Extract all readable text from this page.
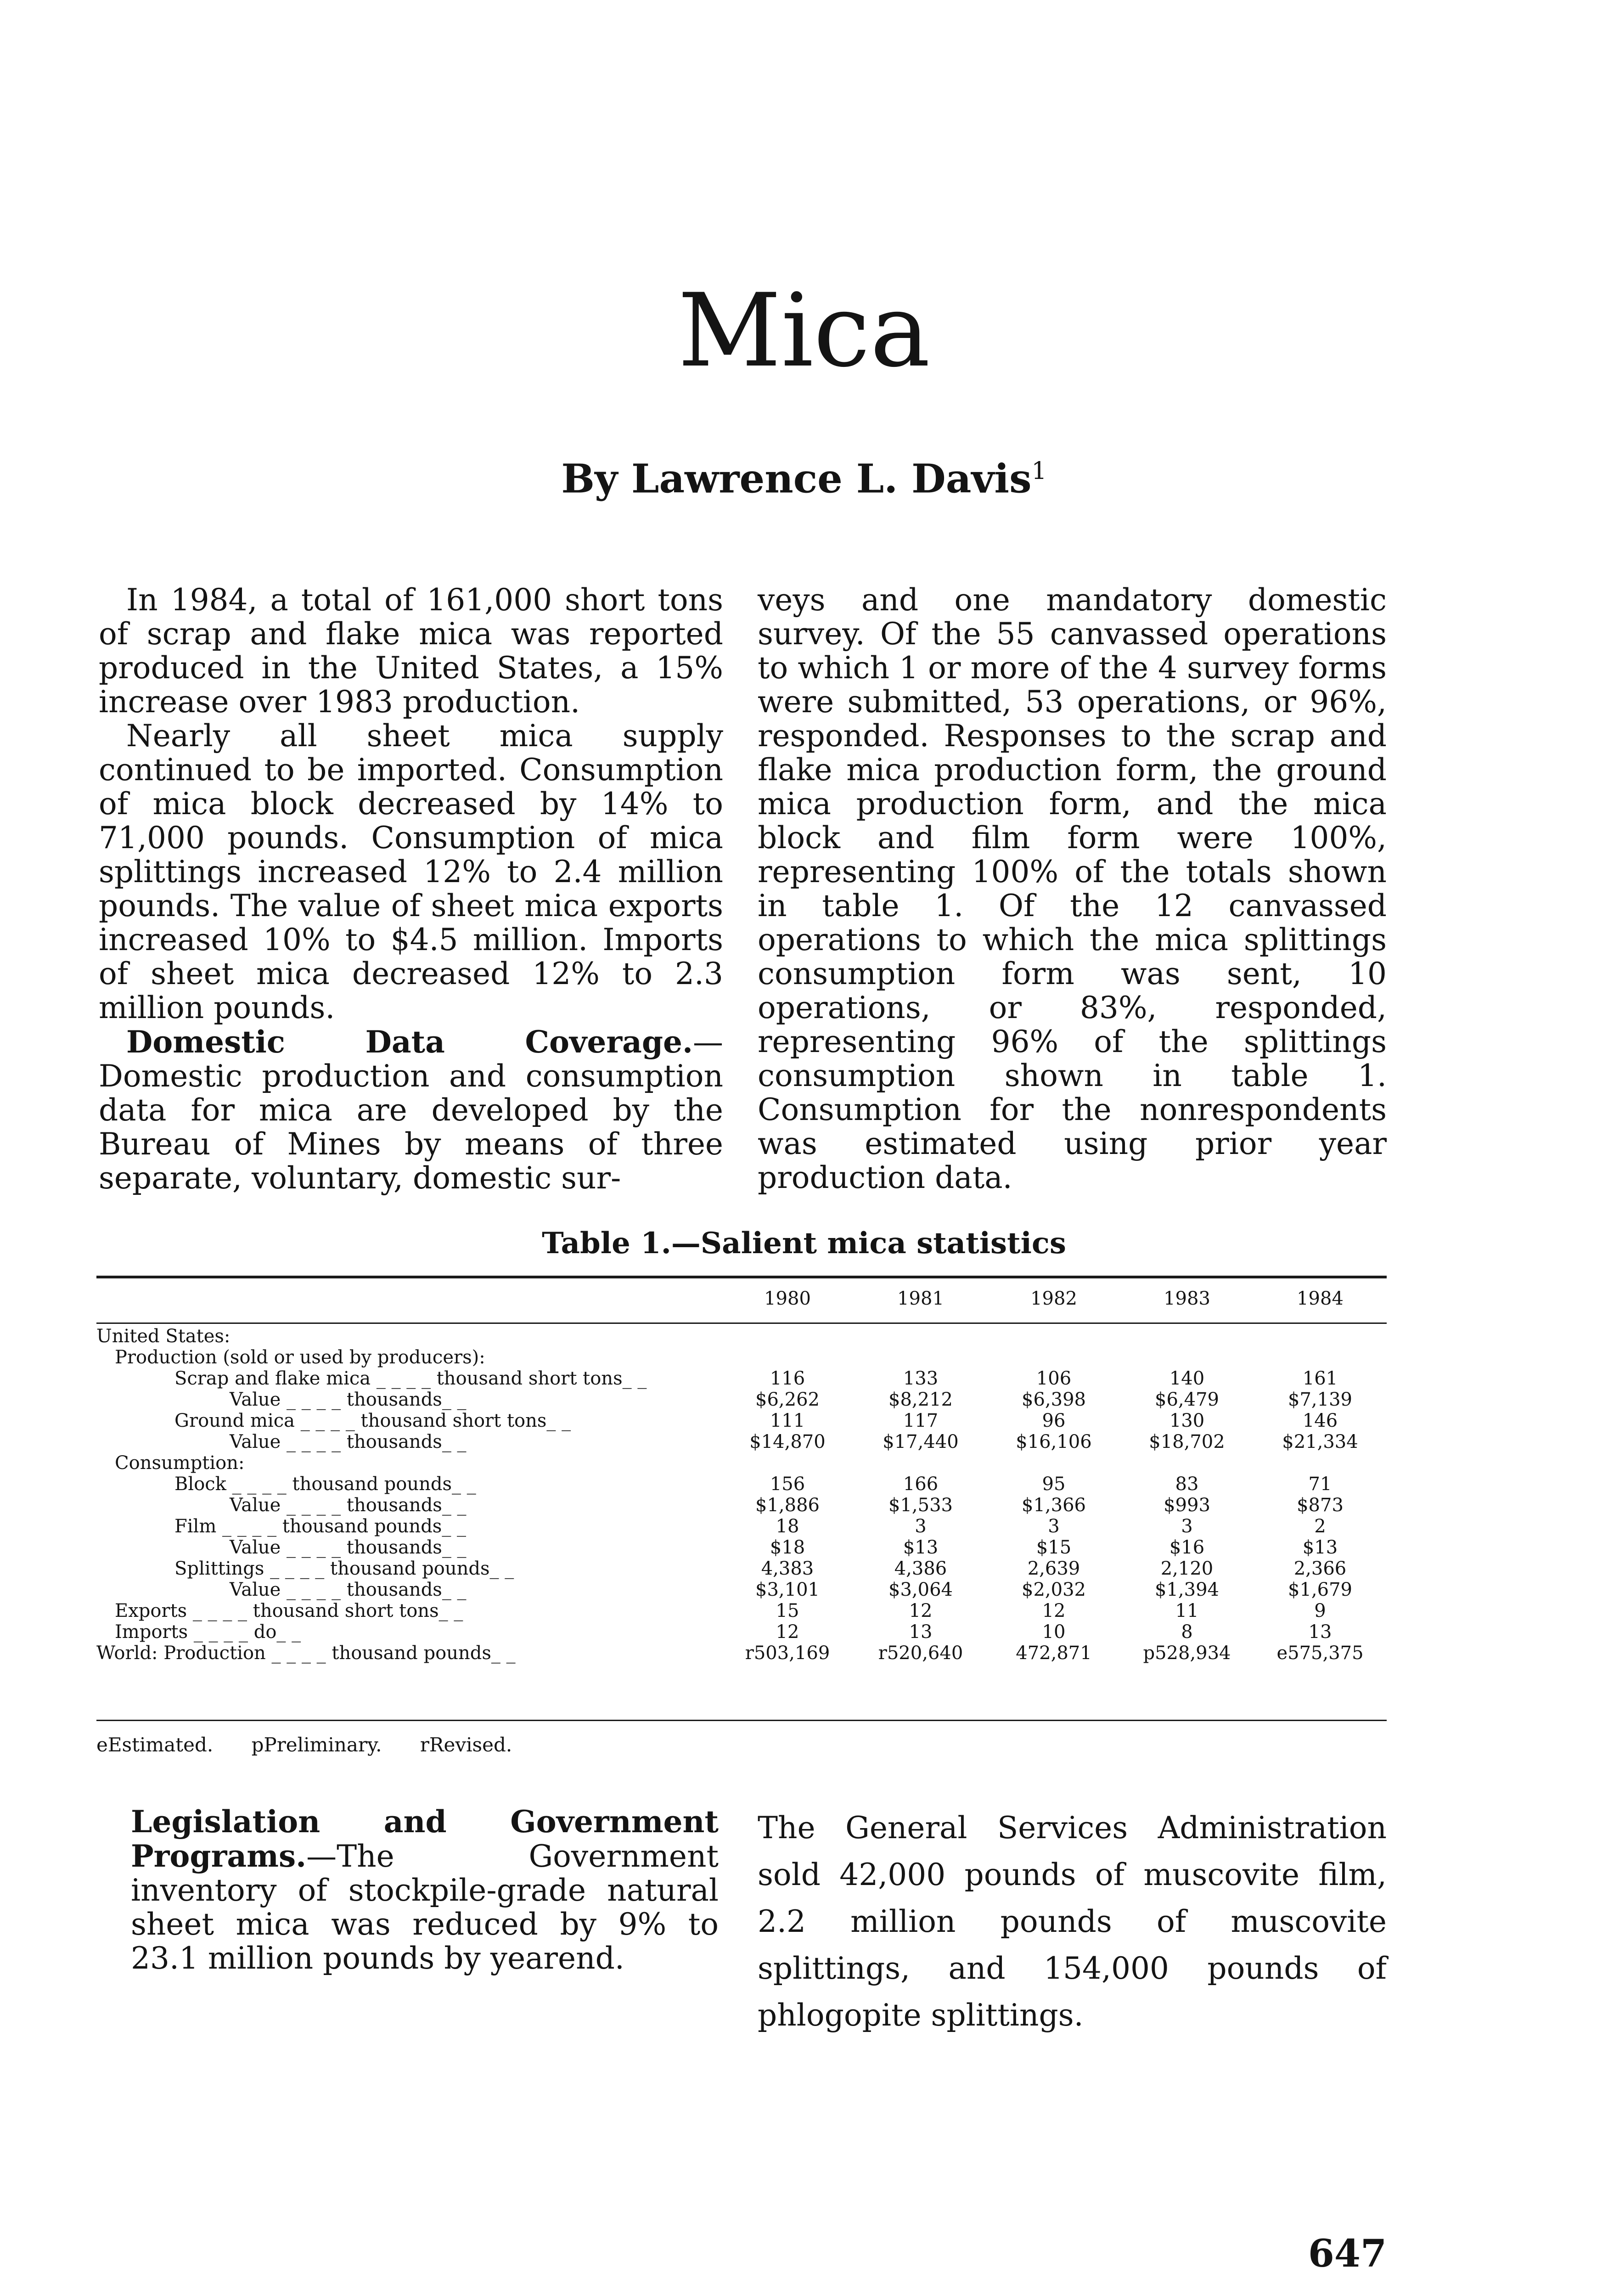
Mica
By Lawrence L. Davis$^1$

In 1984, a total of 161,000 short tons of scrap and flake mica was reported produced in the United States, a 15% increase over 1983 production.

Nearly all sheet mica supply continued to be imported. Consumption of mica block decreased by 14% to 71,000 pounds. Consumption of mica splittings increased 12% to 2.4 million pounds. The value of sheet mica exports increased 10% to $4.5 million. Imports of sheet mica decreased 12% to 2.3 million pounds.

Domestic Data Coverage.—Domestic production and consumption data for mica are developed by the Bureau of Mines by means of three separate, voluntary, domestic sur-

veys and one mandatory domestic survey. Of the 55 canvassed operations to which 1 or more of the 4 survey forms were submitted, 53 operations, or 96%, responded. Responses to the scrap and flake mica production form, the ground mica production form, and the mica block and film form were 100%, representing 100% of the totals shown in table 1. Of the 12 canvassed operations to which the mica splittings consumption form was sent, 10 operations, or 83%, responded, representing 96% of the splittings consumption shown in table 1. Consumption for the nonrespondents was estimated using prior year production data.

Table 1.—Salient mica statistics
	1980	1981	1982	1983	1984

United States:					
Production (sold or used by producers):					
Scrap and flake mica _ _ _ _ thousand short tons_ _	116	133	106	140	161
Value _ _ _ _ thousands_ _	$6,262	$8,212	$6,398	$6,479	$7,139
Ground mica _ _ _ _ thousand short tons_ _	111	117	96	130	146
Value _ _ _ _ thousands_ _	$14,870	$17,440	$16,106	$18,702	$21,334
Consumption:					
Block _ _ _ _ thousand pounds_ _	156	166	95	83	71
Value _ _ _ _ thousands_ _	$1,886	$1,533	$1,366	$993	$873
Film _ _ _ _ thousand pounds_ _	18	3	3	3	2
Value _ _ _ _ thousands_ _	$18	$13	$15	$16	$13
Splittings _ _ _ _ thousand pounds_ _	4,383	4,386	2,639	2,120	2,366
Value _ _ _ _ thousands_ _	$3,101	$3,064	$2,032	$1,394	$1,679
Exports _ _ _ _ thousand short tons_ _	15	12	12	11	9
Imports _ _ _ _ do_ _	12	13	10	8	13
World: Production _ _ _ _ thousand pounds_ _	r503,169	r520,640	472,871	p528,934	e575,375
eEstimated. pPreliminary. rRevised.

Legislation and Government Programs.—The Government inventory of stockpile-grade natural sheet mica was reduced by 9% to 23.1 million pounds by yearend.

The General Services Administration sold 42,000 pounds of muscovite film, 2.2 million pounds of muscovite splittings, and 154,000 pounds of phlogopite splittings.

647
